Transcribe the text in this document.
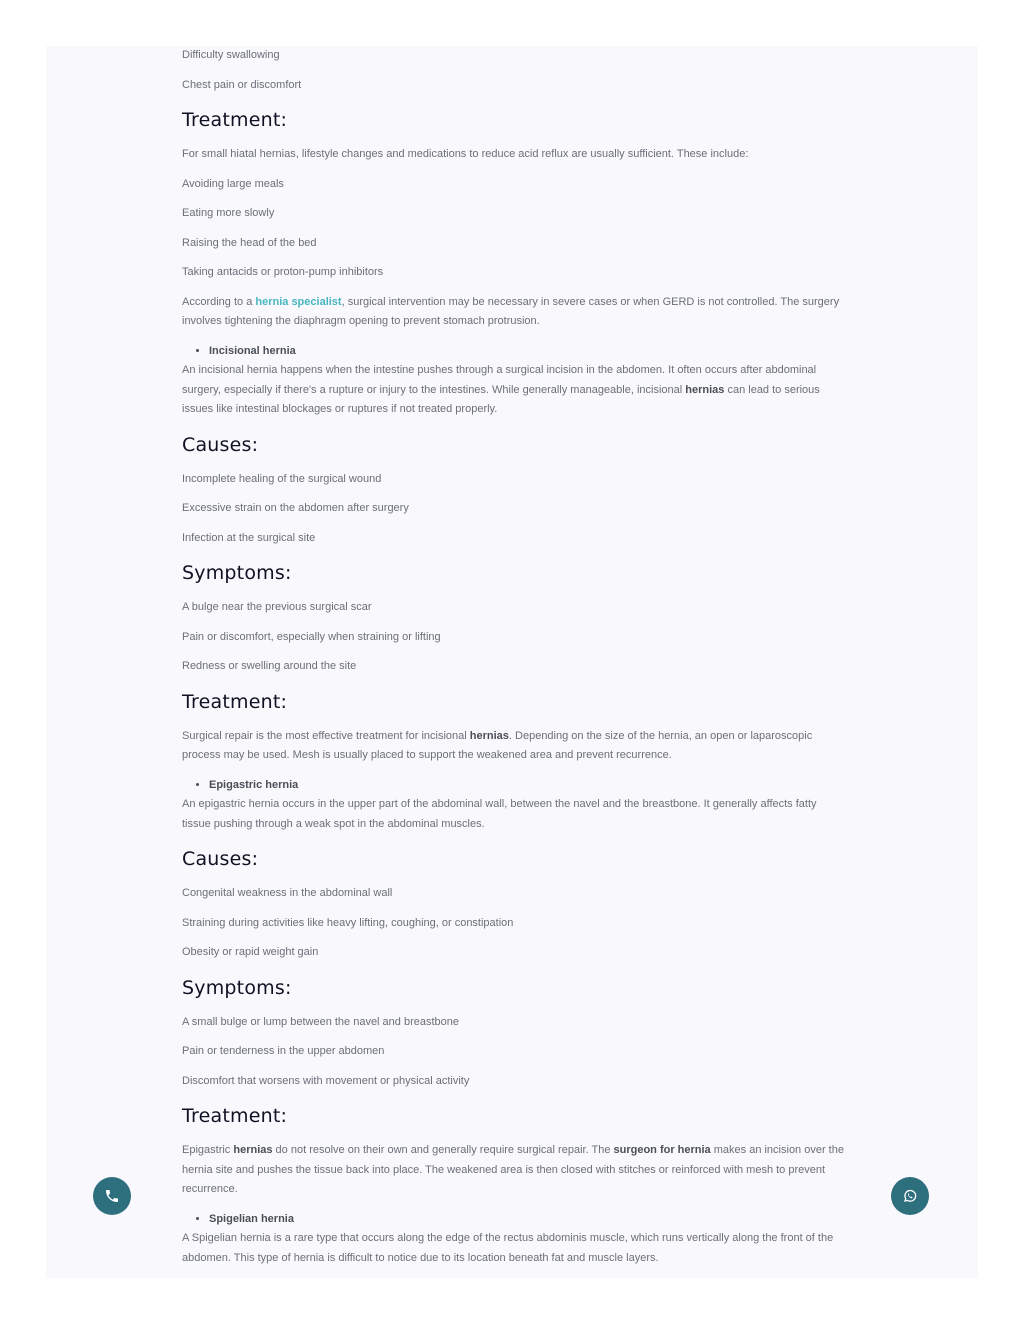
Difficulty swallowing

Chest pain or discomfort

Treatment:

For small hiatal hernias, lifestyle changes and medications to reduce acid reflux are usually sufficient. These include:

Avoiding large meals

Eating more slowly

Raising the head of the bed

Taking antacids or proton-pump inhibitors

According to a hernia specialist, surgical intervention may be necessary in severe cases or when GERD is not controlled. The surgery involves tightening the diaphragm opening to prevent stomach protrusion.

• Incisional hernia

An incisional hernia happens when the intestine pushes through a surgical incision in the abdomen. It often occurs after abdominal surgery, especially if there's a rupture or injury to the intestines. While generally manageable, incisional hernias can lead to serious issues like intestinal blockages or ruptures if not treated properly.

Causes:

Incomplete healing of the surgical wound

Excessive strain on the abdomen after surgery

Infection at the surgical site

Symptoms:

A bulge near the previous surgical scar

Pain or discomfort, especially when straining or lifting

Redness or swelling around the site

Treatment:

Surgical repair is the most effective treatment for incisional hernias. Depending on the size of the hernia, an open or laparoscopic process may be used. Mesh is usually placed to support the weakened area and prevent recurrence.

• Epigastric hernia

An epigastric hernia occurs in the upper part of the abdominal wall, between the navel and the breastbone. It generally affects fatty tissue pushing through a weak spot in the abdominal muscles.

Causes:

Congenital weakness in the abdominal wall

Straining during activities like heavy lifting, coughing, or constipation

Obesity or rapid weight gain

Symptoms:

A small bulge or lump between the navel and breastbone

Pain or tenderness in the upper abdomen

Discomfort that worsens with movement or physical activity

Treatment:

Epigastric hernias do not resolve on their own and generally require surgical repair. The surgeon for hernia makes an incision over the hernia site and pushes the tissue back into place. The weakened area is then closed with stitches or reinforced with mesh to prevent recurrence.

• Spigelian hernia

A Spigelian hernia is a rare type that occurs along the edge of the rectus abdominis muscle, which runs vertically along the front of the abdomen. This type of hernia is difficult to notice due to its location beneath fat and muscle layers.
